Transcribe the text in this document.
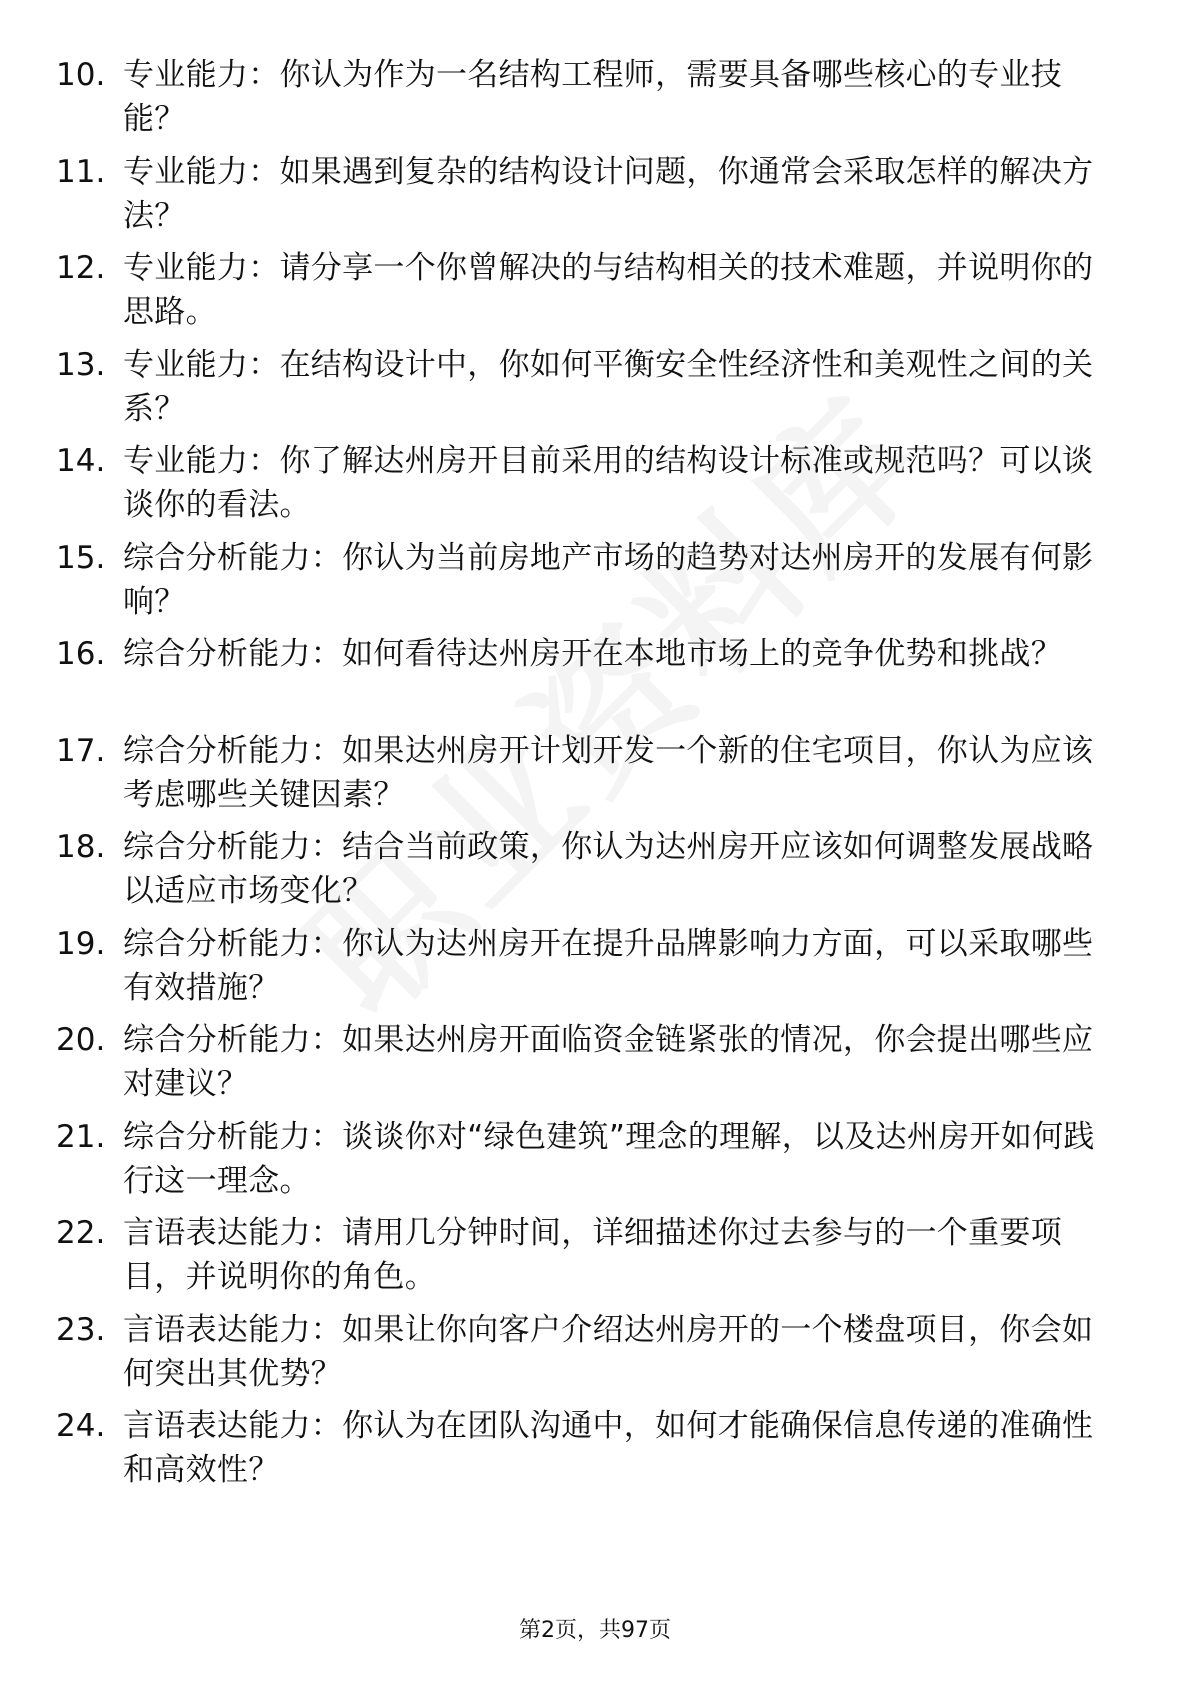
10. 专业能力：你认为作为一名结构工程师，需要具备哪些核心的专业技能？
11. 专业能力：如果遇到复杂的结构设计问题，你通常会采取怎样的解决方法？
12. 专业能力：请分享一个你曾解决的与结构相关的技术难题，并说明你的思路。
13. 专业能力：在结构设计中，你如何平衡安全性经济性和美观性之间的关系？
14. 专业能力：你了解达州房开目前采用的结构设计标准或规范吗？可以谈谈你的看法。
15. 综合分析能力：你认为当前房地产市场的趋势对达州房开的发展有何影响？
16. 综合分析能力：如何看待达州房开在本地市场上的竞争优势和挑战？
17. 综合分析能力：如果达州房开计划开发一个新的住宅项目，你认为应该考虑哪些关键因素？
18. 综合分析能力：结合当前政策，你认为达州房开应该如何调整发展战略以适应市场变化？
19. 综合分析能力：你认为达州房开在提升品牌影响力方面，可以采取哪些有效措施？
20. 综合分析能力：如果达州房开面临资金链紧张的情况，你会提出哪些应对建议？
21. 综合分析能力：谈谈你对“绿色建筑”理念的理解，以及达州房开如何践行这一理念。
22. 言语表达能力：请用几分钟时间，详细描述你过去参与的一个重要项目，并说明你的角色。
23. 言语表达能力：如果让你向客户介绍达州房开的一个楼盘项目，你会如何突出其优势？
24. 言语表达能力：你认为在团队沟通中，如何才能确保信息传递的准确性和高效性？
第2页，共97页
